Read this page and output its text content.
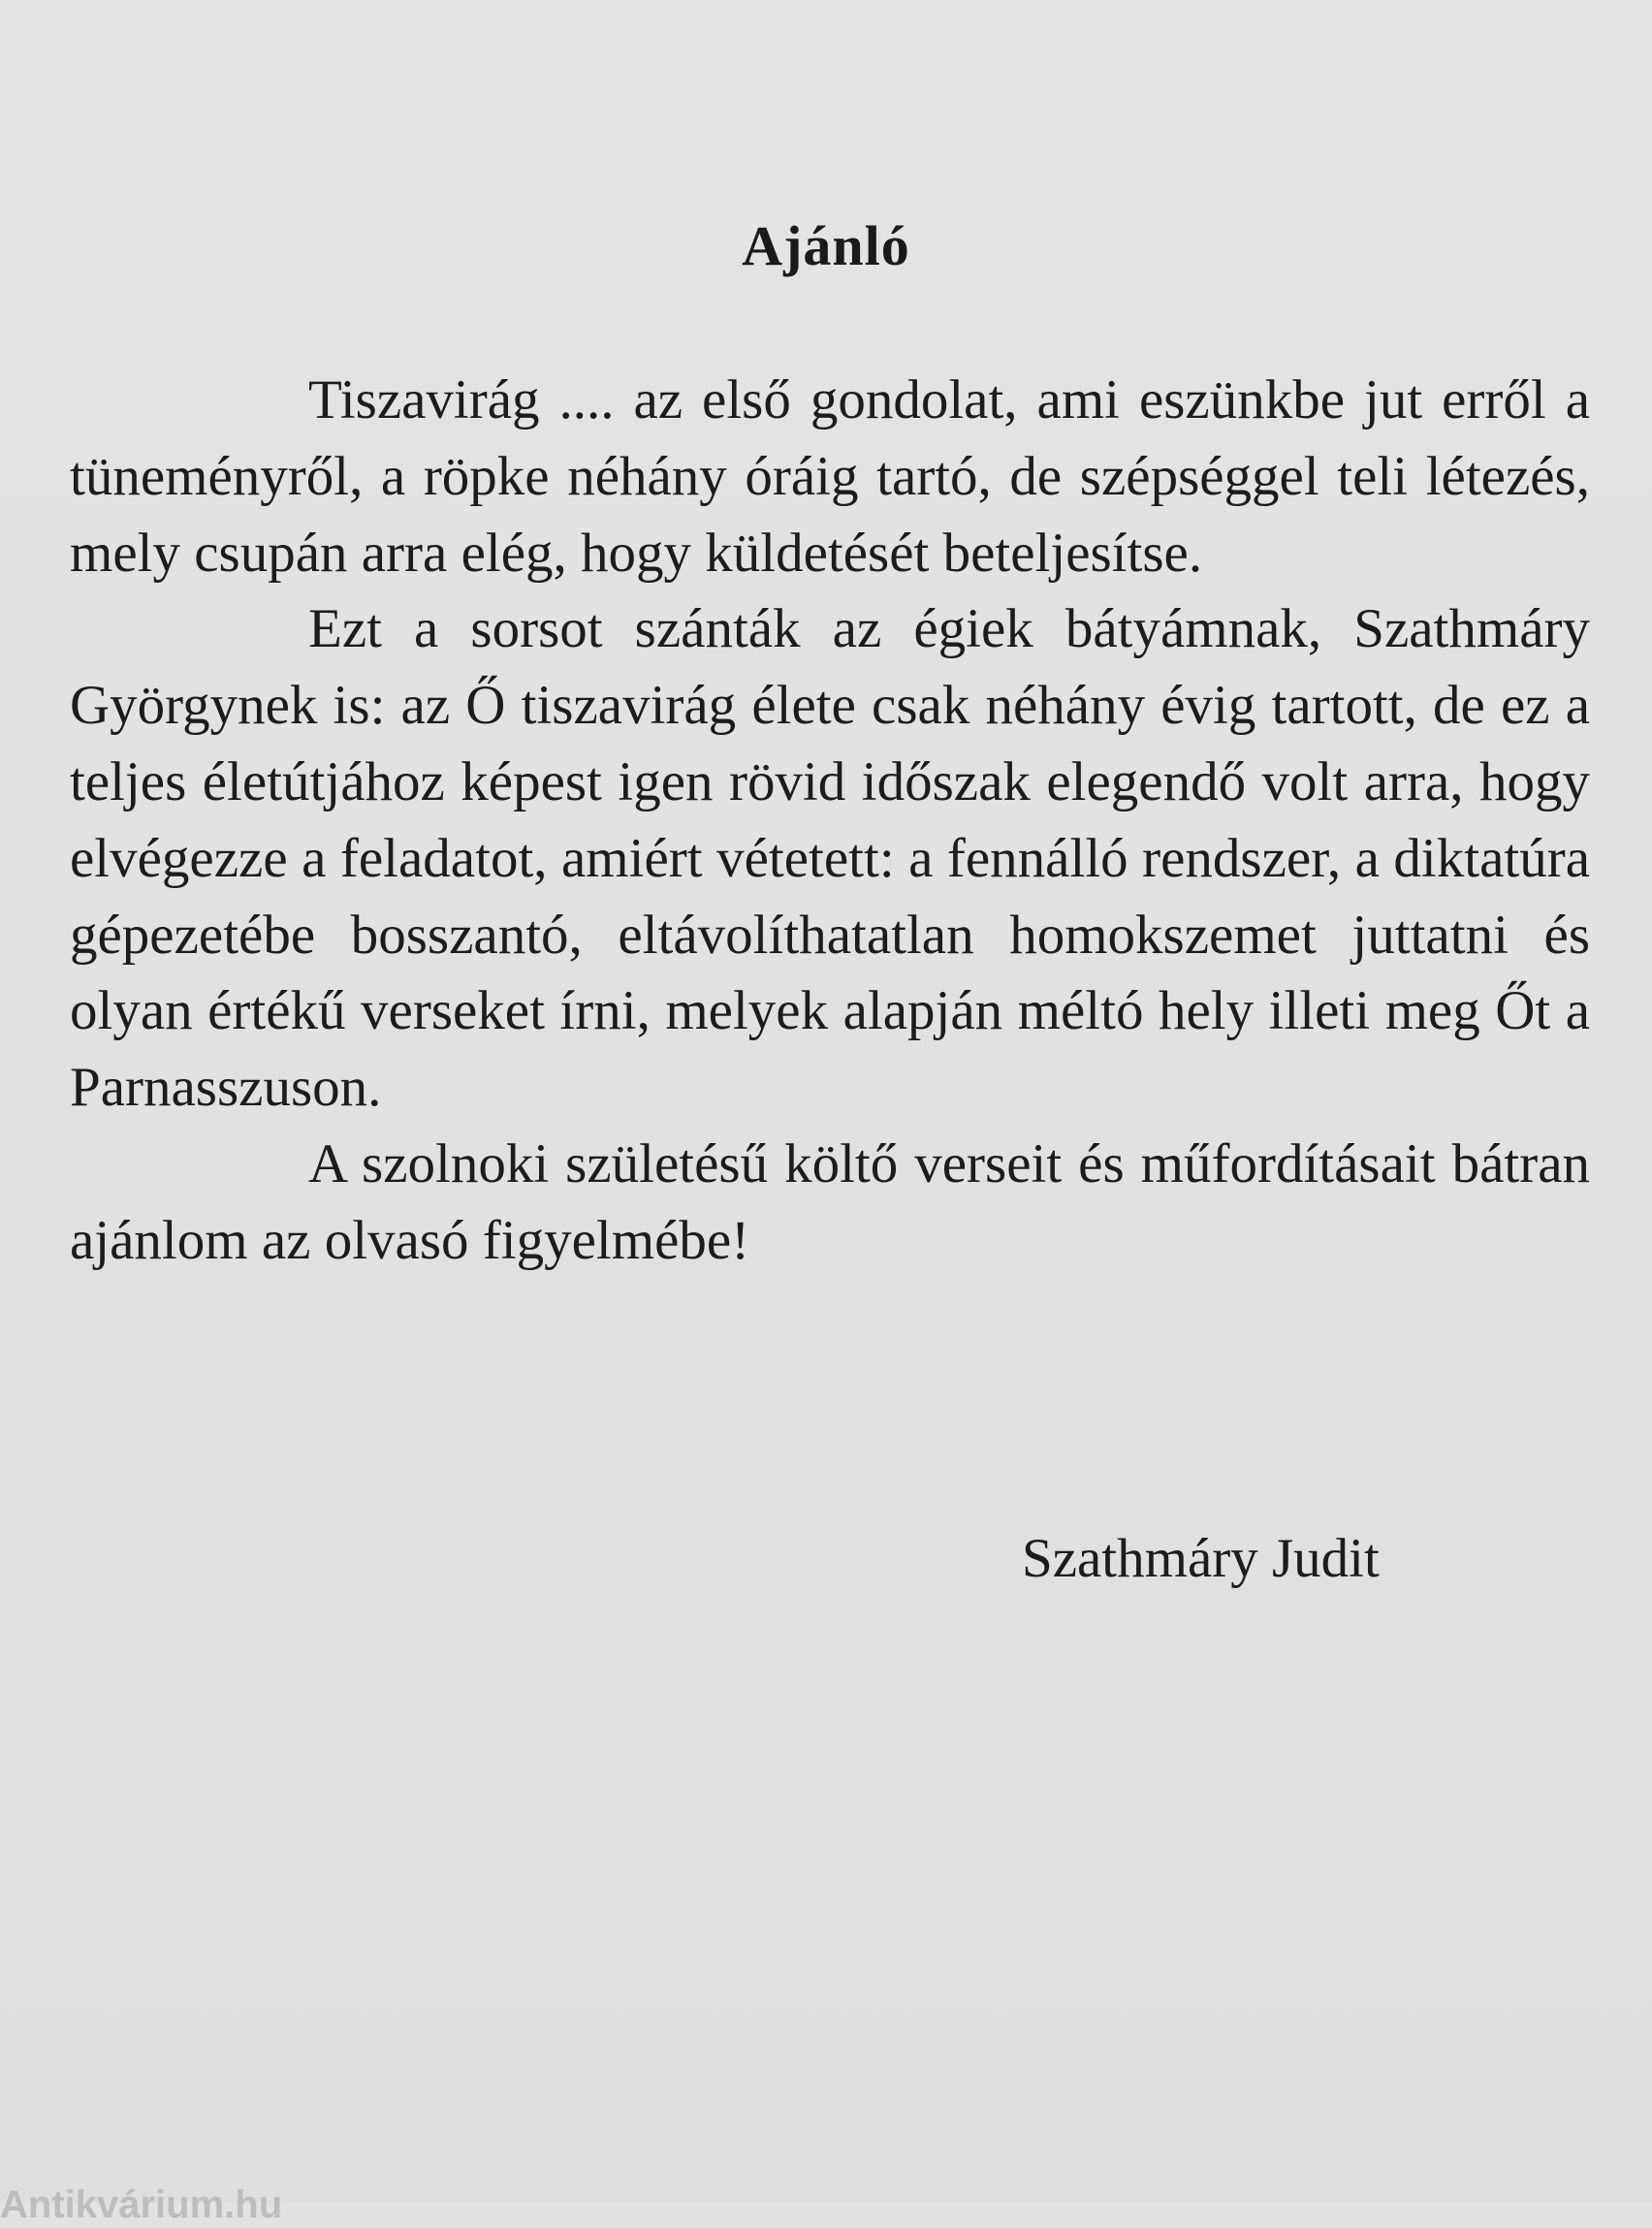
Ajánló

Tiszavirág .... az első gondolat, ami eszünkbe jut erről a tüneményről, a röpke néhány óráig tartó, de szépséggel teli létezés, mely csupán arra elég, hogy küldetését beteljesítse.

Ezt a sorsot szánták az égiek bátyámnak, Szathmáry Györgynek is: az Ő tiszavirág élete csak néhány évig tartott, de ez a teljes életútjához képest igen rövid időszak elegendő volt arra, hogy elvégezze a feladatot, amiért vétetett: a fennálló rendszer, a diktatúra gépezetébe bosszantó, eltávolíthatatlan homokszemet juttatni és olyan értékű verseket írni, melyek alapján méltó hely illeti meg Őt a Parnasszuson.

A szolnoki születésű költő verseit és műfordításait bátran ajánlom az olvasó figyelmébe!

Szathmáry Judit

Antikvárium.hu
